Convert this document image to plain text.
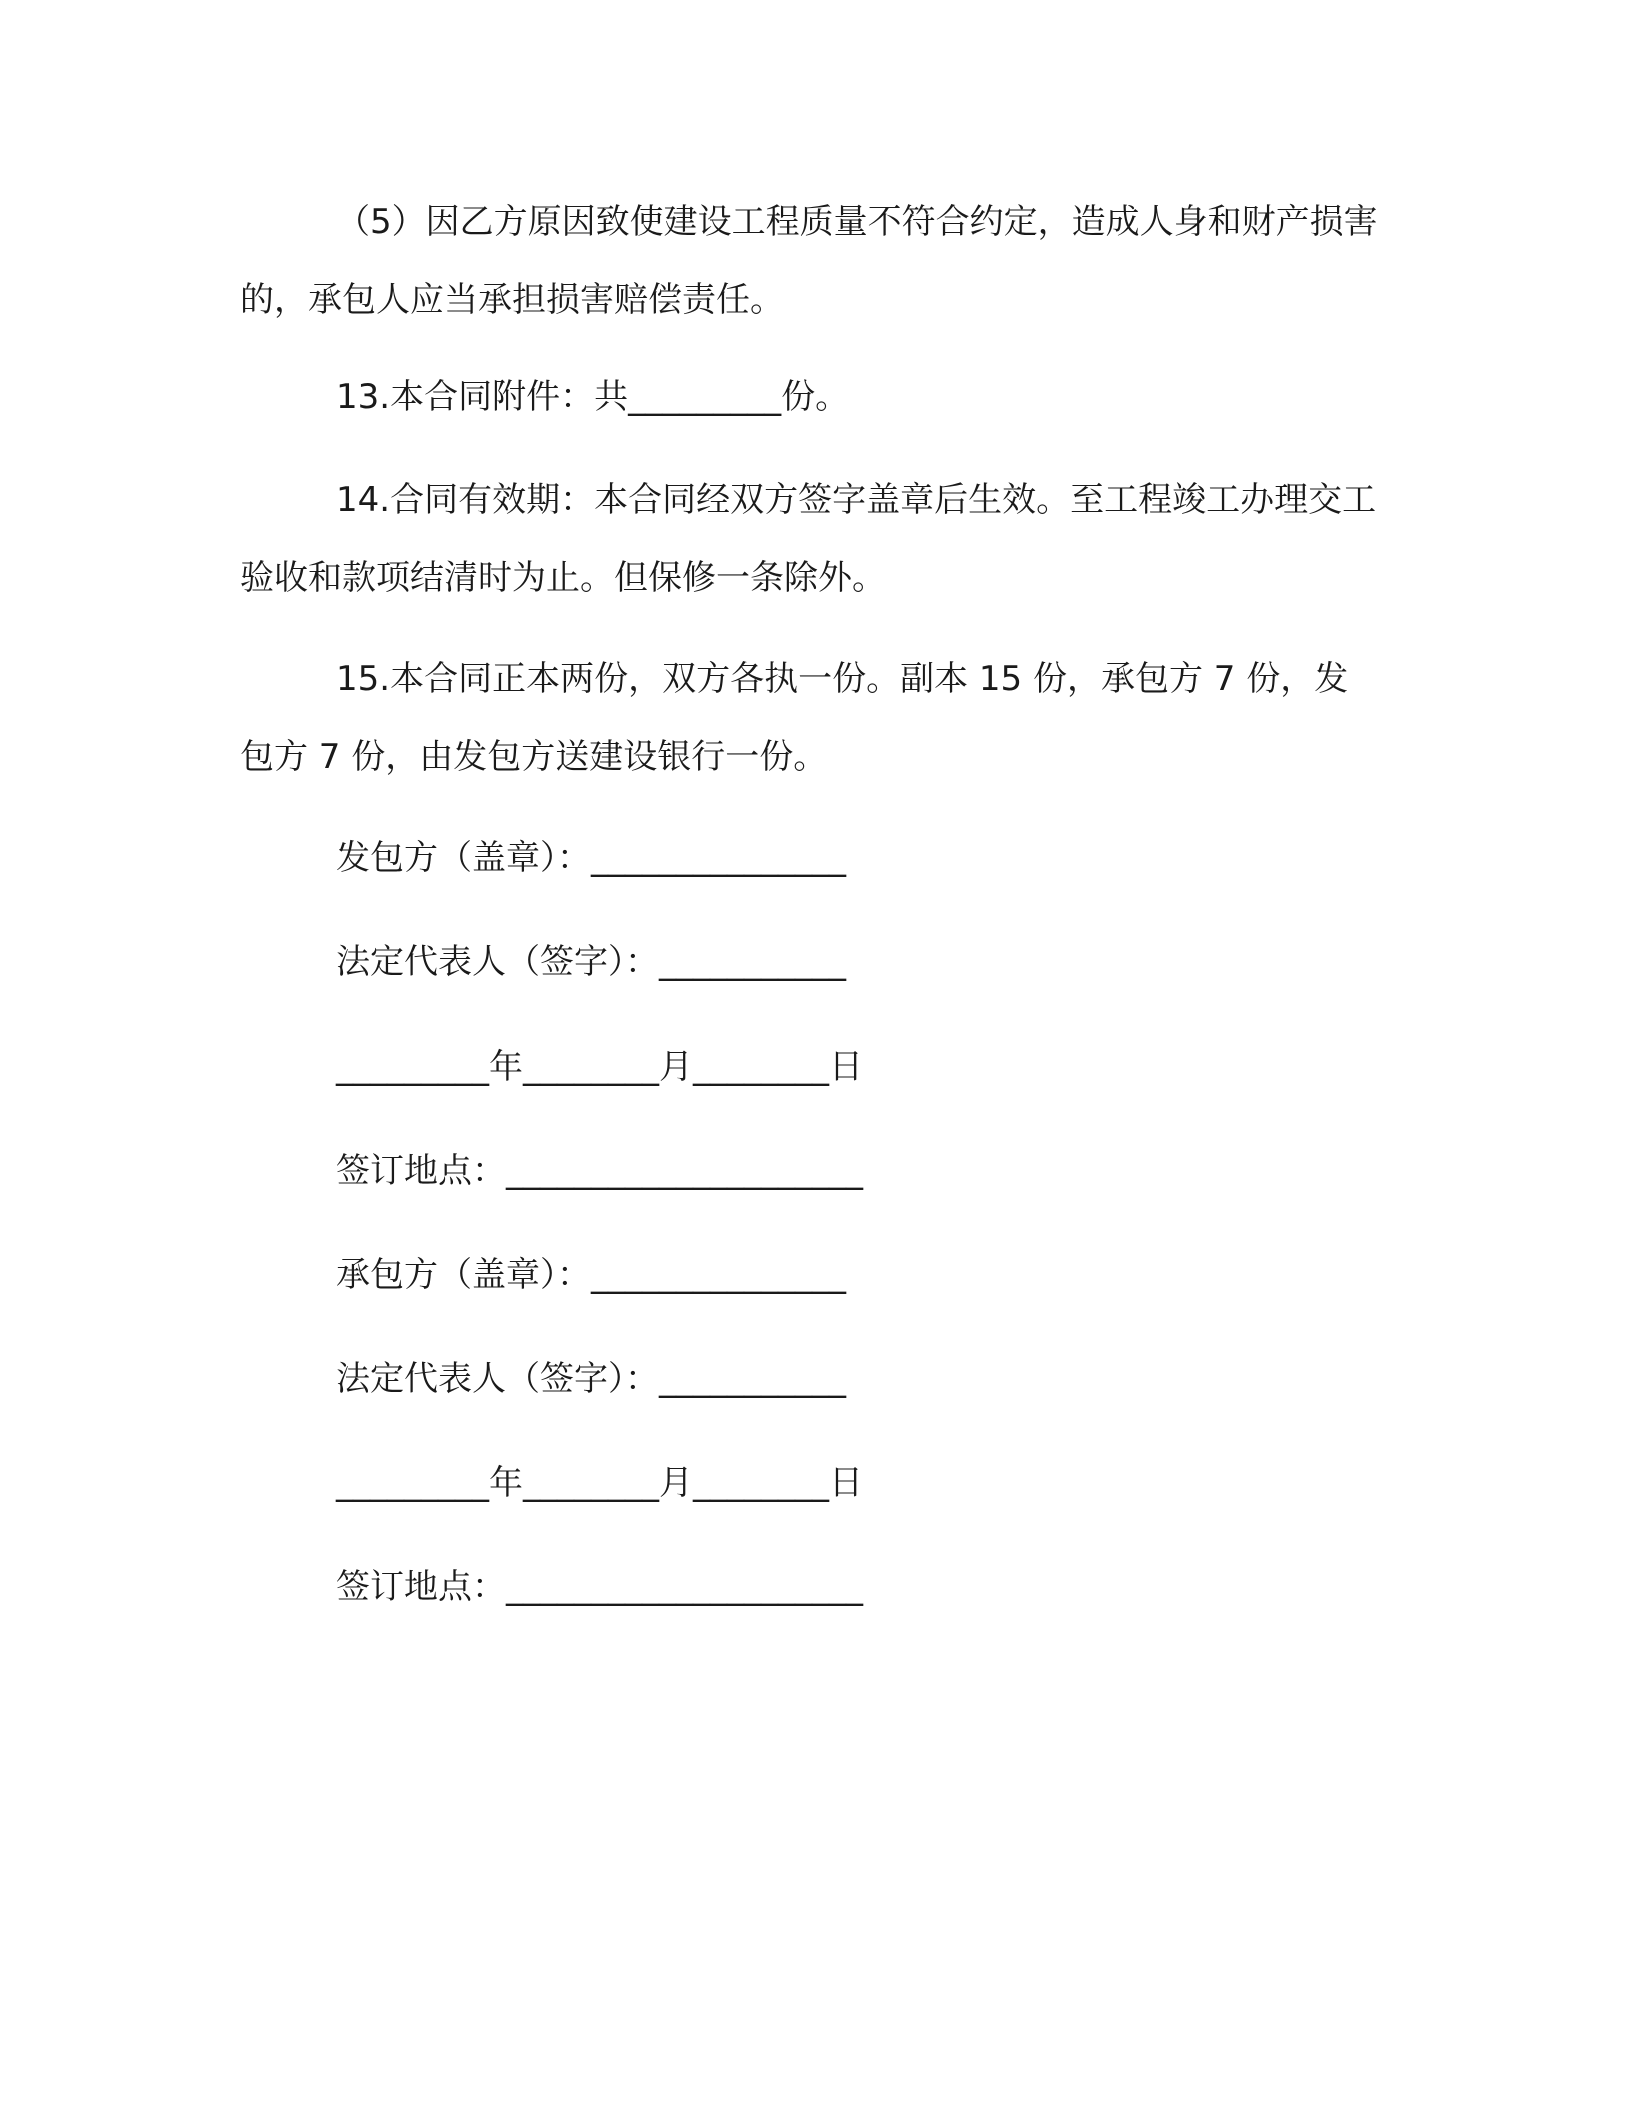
（5）因乙方原因致使建设工程质量不符合约定，造成人身和财产损害的，承包人应当承担损害赔偿责任。

13.本合同附件：共_________份。

14.合同有效期：本合同经双方签字盖章后生效。至工程竣工办理交工验收和款项结清时为止。但保修一条除外。

15.本合同正本两份，双方各执一份。副本 15 份，承包方 7 份，发包方 7 份，由发包方送建设银行一份。

发包方（盖章）：_______________

法定代表人（签字）：___________

_________年________月________日

签订地点：_____________________

承包方（盖章）：_______________

法定代表人（签字）：___________

_________年________月________日

签订地点：_____________________
